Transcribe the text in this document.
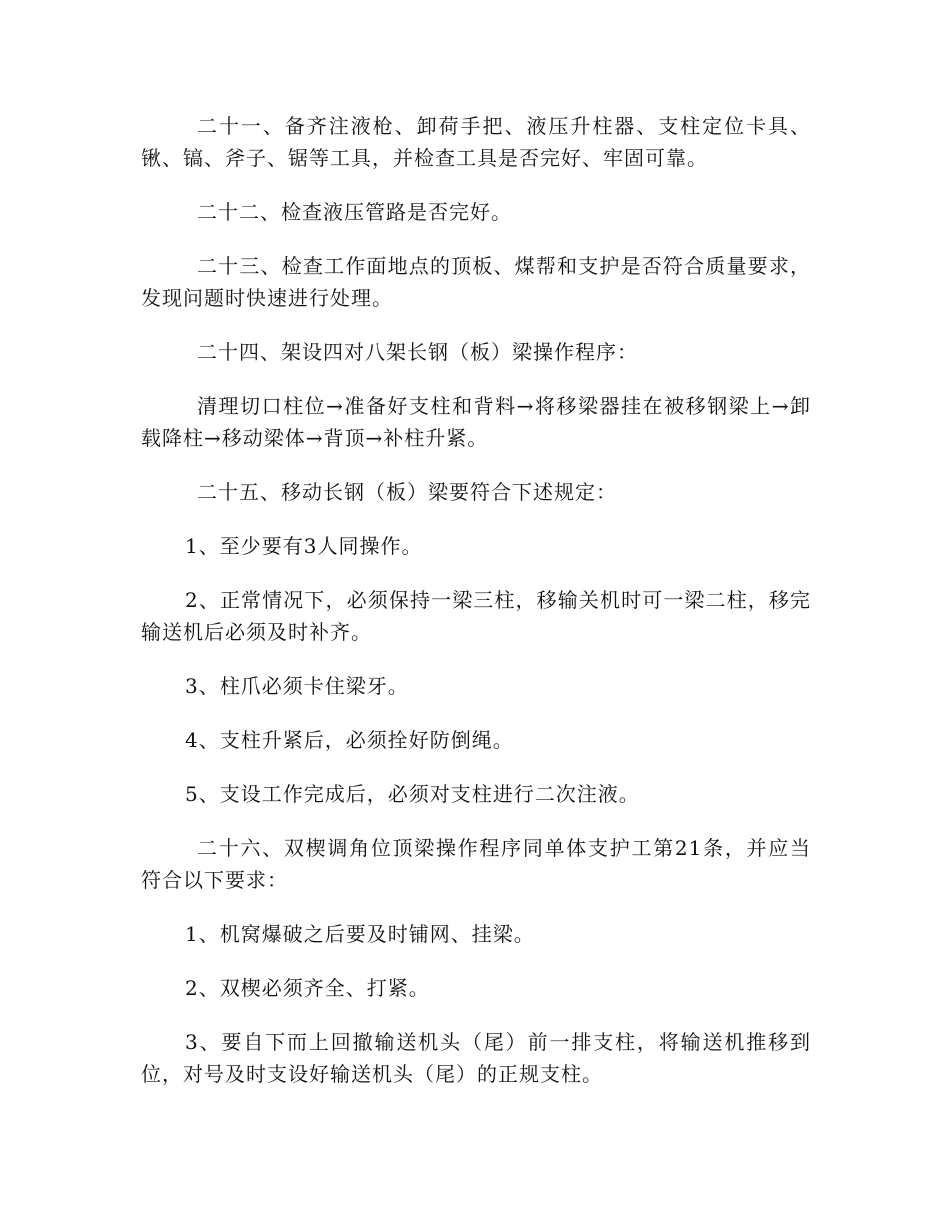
二十一、备齐注液枪、卸荷手把、液压升柱器、支柱定位卡具、锹、镐、斧子、锯等工具，并检查工具是否完好、牢固可靠。

二十二、检查液压管路是否完好。

二十三、检查工作面地点的顶板、煤帮和支护是否符合质量要求，发现问题时快速进行处理。

二十四、架设四对八架长钢（板）梁操作程序：

清理切口柱位→准备好支柱和背料→将移梁器挂在被移钢梁上→卸载降柱→移动梁体→背顶→补柱升紧。

二十五、移动长钢（板）梁要符合下述规定：

1、至少要有3人同操作。

2、正常情况下，必须保持一梁三柱，移输关机时可一梁二柱，移完输送机后必须及时补齐。

3、柱爪必须卡住梁牙。

4、支柱升紧后，必须拴好防倒绳。

5、支设工作完成后，必须对支柱进行二次注液。

二十六、双楔调角位顶梁操作程序同单体支护工第21条，并应当符合以下要求：

1、机窝爆破之后要及时铺网、挂梁。

2、双楔必须齐全、打紧。

3、要自下而上回撤输送机头（尾）前一排支柱，将输送机推移到位，对号及时支设好输送机头（尾）的正规支柱。
